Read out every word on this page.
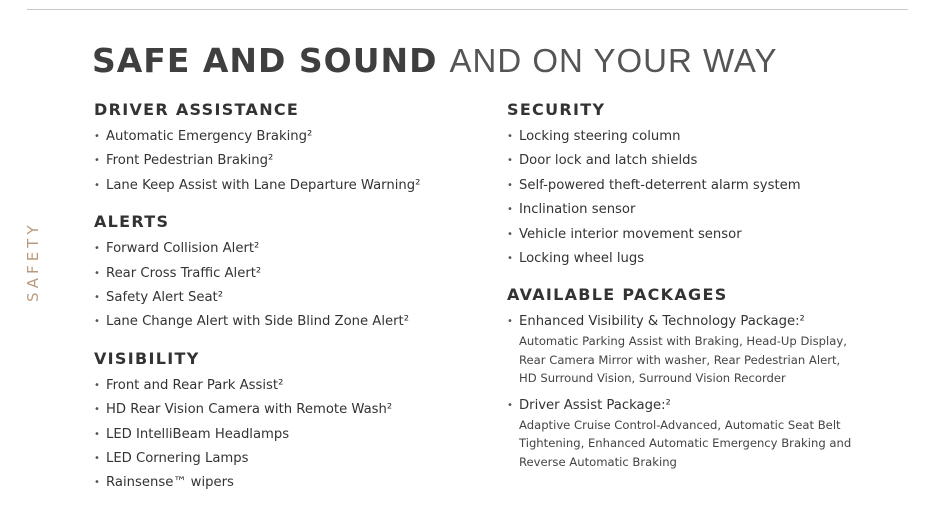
SAFETY
SAFE AND SOUND AND ON YOUR WAY
DRIVER ASSISTANCE
• Automatic Emergency Braking²
• Front Pedestrian Braking²
• Lane Keep Assist with Lane Departure Warning²
ALERTS
• Forward Collision Alert²
• Rear Cross Traffic Alert²
• Safety Alert Seat²
• Lane Change Alert with Side Blind Zone Alert²
VISIBILITY
• Front and Rear Park Assist²
• HD Rear Vision Camera with Remote Wash²
• LED IntelliBeam Headlamps
• LED Cornering Lamps
• Rainsense™ wipers
SECURITY
• Locking steering column
• Door lock and latch shields
• Self-powered theft-deterrent alarm system
• Inclination sensor
• Vehicle interior movement sensor
• Locking wheel lugs
AVAILABLE PACKAGES
• Enhanced Visibility & Technology Package:²
Automatic Parking Assist with Braking, Head-Up Display, Rear Camera Mirror with washer, Rear Pedestrian Alert, HD Surround Vision, Surround Vision Recorder
• Driver Assist Package:²
Adaptive Cruise Control-Advanced, Automatic Seat Belt Tightening, Enhanced Automatic Emergency Braking and Reverse Automatic Braking
